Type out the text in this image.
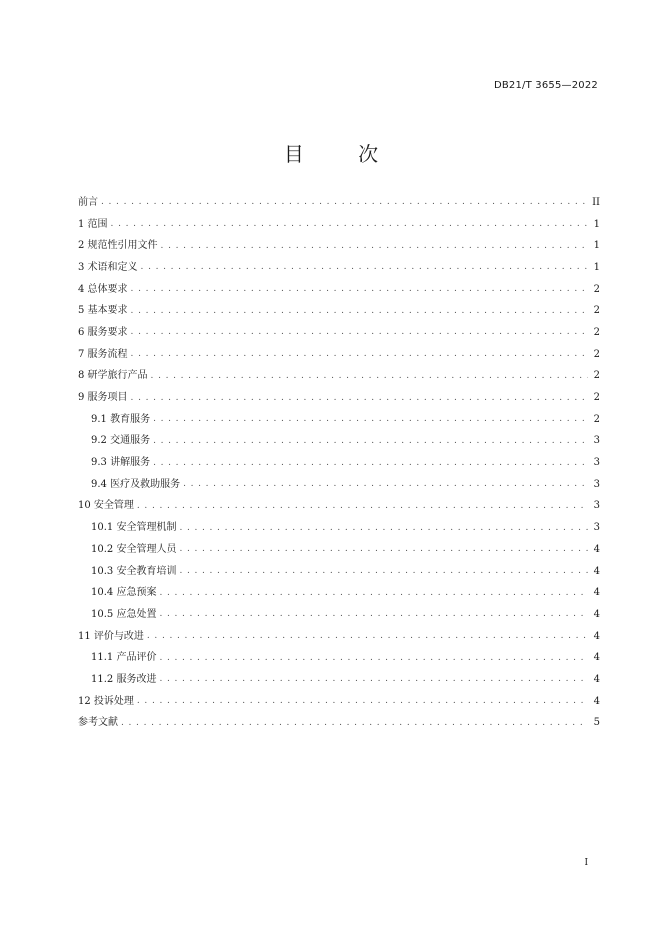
DB21/T 3655—2022
目 次
前言 . . .	II
1 范围 . . .	1
2 规范性引用文件 . . .	1
3 术语和定义 . . .	1
4 总体要求 . . .	2
5 基本要求 . . .	2
6 服务要求 . . .	2
7 服务流程 . . .	2
8 研学旅行产品 . . .	2
9 服务项目 . . .	2
9.1 教育服务 . . .	2
9.2 交通服务 . . .	3
9.3 讲解服务 . . .	3
9.4 医疗及救助服务 . . .	3
10 安全管理 . . .	3
10.1 安全管理机制 . . .	3
10.2 安全管理人员 . . .	4
10.3 安全教育培训 . . .	4
10.4 应急预案 . . .	4
10.5 应急处置 . . .	4
11 评价与改进 . . .	4
11.1 产品评价 . . .	4
11.2 服务改进 . . .	4
12 投诉处理 . . .	4
参考文献 . . .	5
I
